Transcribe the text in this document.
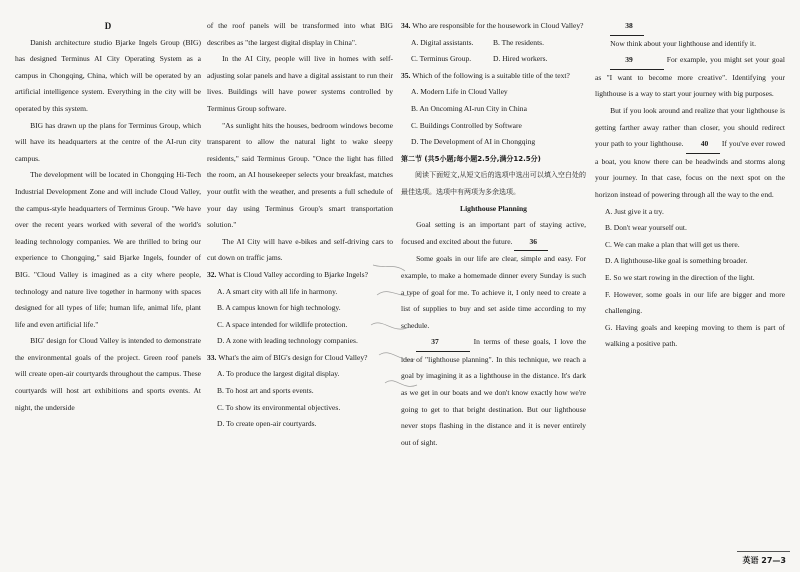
D

Danish architecture studio Bjarke Ingels Group (BIG) has designed Terminus AI City Operating System as a campus in Chongqing, China, which will be operated by an artificial intelligence system. Everything in the city will be operated by this system.

BIG has drawn up the plans for Terminus Group, which will have its headquarters at the centre of the AI-run city campus.

The development will be located in Chongqing Hi-Tech Industrial Development Zone and will include Cloud Valley, the campus-style headquarters of Terminus Group. "We have over the recent years worked with several of the world's leading technology companies. We are thrilled to bring our experience to Chongqing," said Bjarke Ingels, founder of BIG. "Cloud Valley is imagined as a city where people, technology and nature live together in harmony with spaces designed for all types of life; human life, animal life, plant life and even artificial life."

BIG' design for Cloud Valley is intended to demonstrate the environmental goals of the project. Green roof panels will create open-air courtyards throughout the campus. These courtyards will host art exhibitions and sports events. At night, the underside

of the roof panels will be transformed into what BIG describes as "the largest digital display in China".

In the AI City, people will live in homes with self-adjusting solar panels and have a digital assistant to run their lives. Buildings will have power systems controlled by Terminus Group software.

"As sunlight hits the houses, bedroom windows become transparent to allow the natural light to wake sleepy residents," said Terminus Group. "Once the light has filled the room, an AI housekeeper selects your breakfast, matches your outfit with the weather, and presents a full schedule of your day using Terminus Group's smart transportation solution."

The AI City will have e-bikes and self-driving cars to cut down on traffic jams.

32. What is Cloud Valley according to Bjarke Ingels?

A. A smart city with all life in harmony.

B. A campus known for high technology.

C. A space intended for wildlife protection.

D. A zone with leading technology companies.

33. What's the aim of BIG's design for Cloud Valley?

A. To produce the largest digital display.

B. To host art and sports events.

C. To show its environmental objectives.

D. To create open-air courtyards.

34. Who are responsible for the housework in Cloud Valley?

A. Digital assistants.	B. The residents.
C. Terminus Group.	D. Hired workers.

35. Which of the following is a suitable title of the text?

A. Modern Life in Cloud Valley

B. An Oncoming AI-run City in China

C. Buildings Controlled by Software

D. The Development of AI in Chongqing

第二节 (共5小题;每小题2.5分,满分12.5分)

阅读下面短文,从短文后的选项中选出可以填入空白处的最佳选项。选项中有两项为多余选项。

Lighthouse Planning

Goal setting is an important part of staying active, focused and excited about the future. 36

Some goals in our life are clear, simple and easy. For example, to make a homemade dinner every Sunday is such a type of goal for me. To achieve it, I only need to create a list of supplies to buy and set aside time according to my schedule.

37	In terms of these goals, I love the idea of "lighthouse planning". In this technique, we reach a goal by imagining it as a lighthouse in the distance. It's dark as we get in our boats and we don't know exactly how we're going to get to that bright destination. But our lighthouse never stops flashing in the distance and it is never entirely out of sight.

38

Now think about your lighthouse and identify it.

39	For example, you might set your goal as "I want to become more creative". Identifying your lighthouse is a way to start your journey with big purposes.

But if you look around and realize that your lighthouse is getting farther away rather than closer, you should redirect your path to your lighthouse. 40 If you've ever rowed a boat, you know there can be headwinds and storms along your journey. In that case, focus on the next spot on the horizon instead of powering through all the way to the end.

A. Just give it a try.

B. Don't wear yourself out.

C. We can make a plan that will get us there.

D. A lighthouse-like goal is something broader.

E. So we start rowing in the direction of the light.

F. However, some goals in our life are bigger and more challenging.

G. Having goals and keeping moving to them is part of walking a positive path.

英语 27—3
